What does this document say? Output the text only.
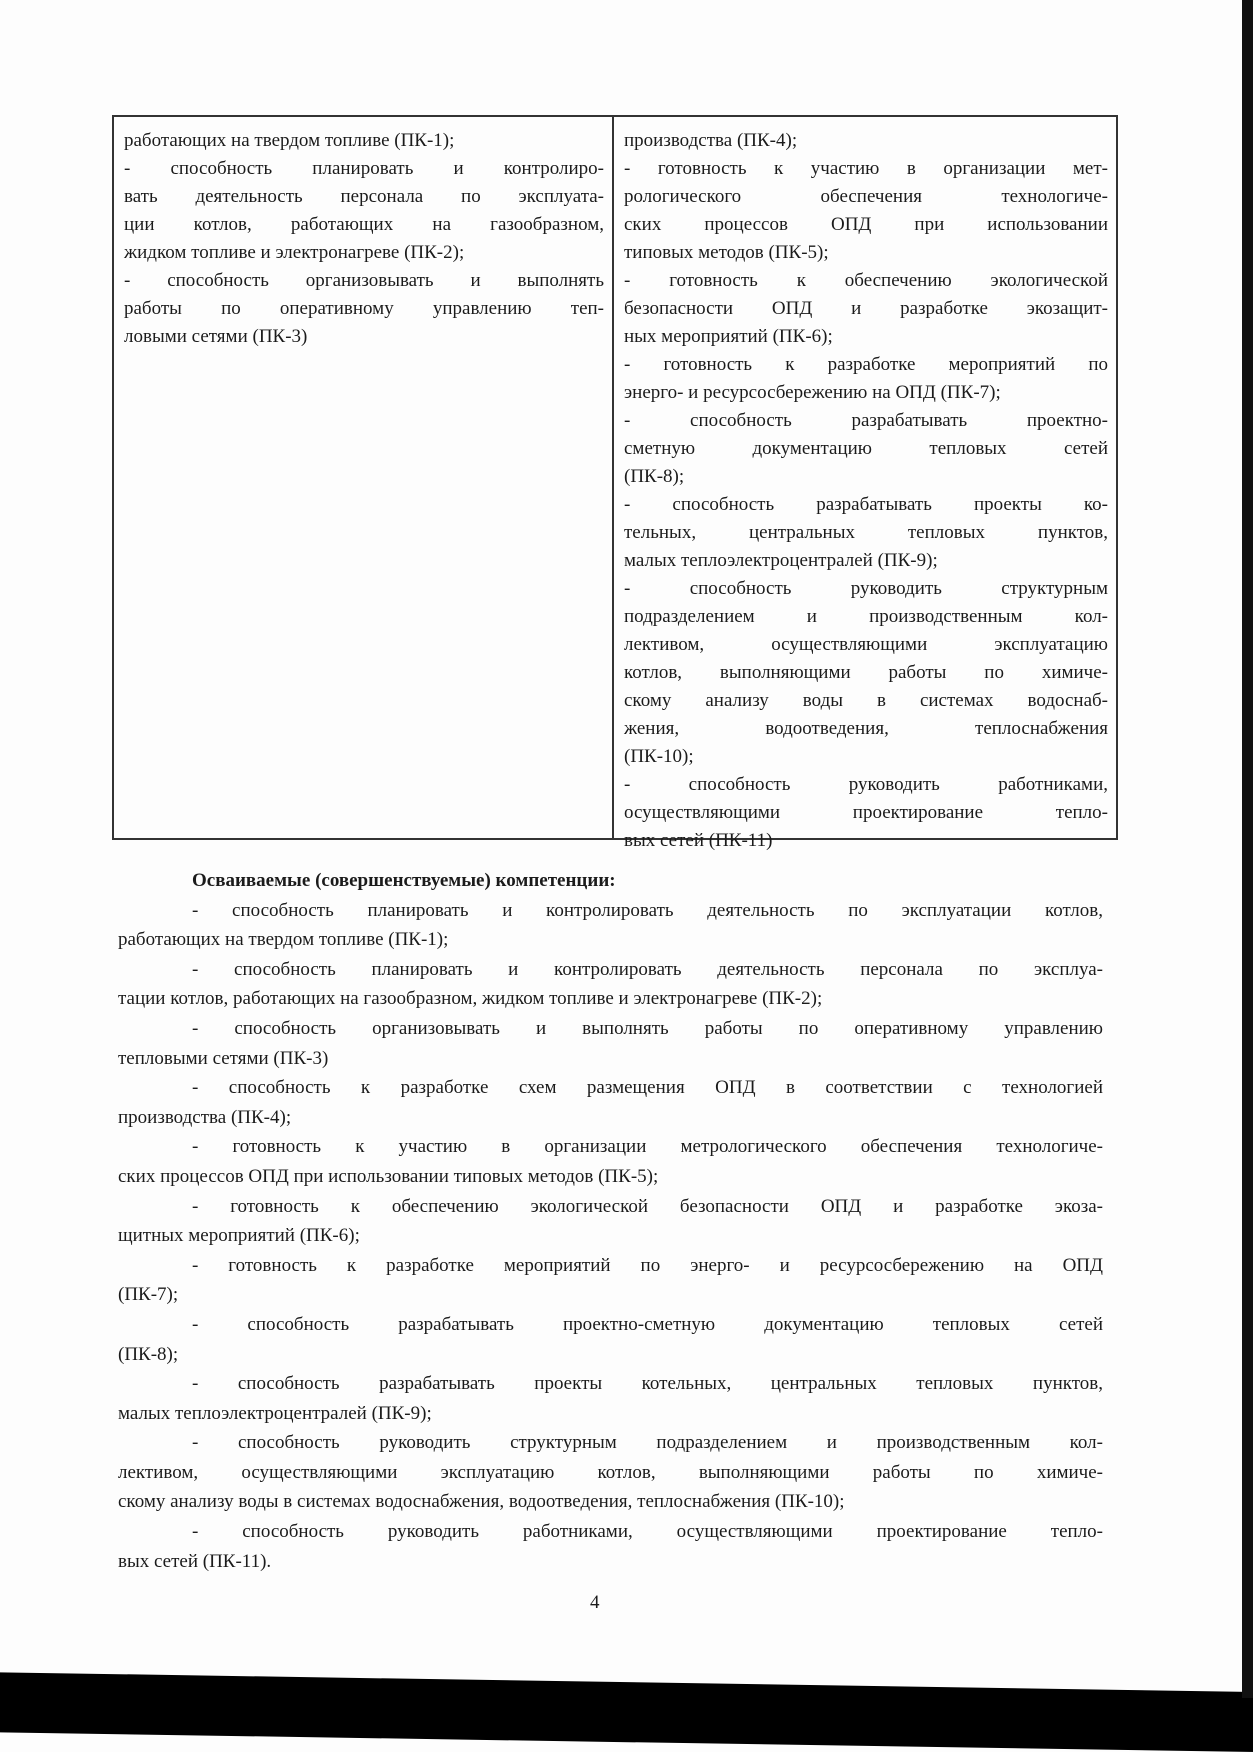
работающих на твердом топливе (ПК-1);
- способность планировать и контролиро-
вать деятельность персонала по эксплуата-
ции котлов, работающих на газообразном,
жидком топливе и электронагреве (ПК-2);
- способность организовывать и выполнять
работы по оперативному управлению теп-
ловыми сетями (ПК-3)
производства (ПК-4);
- готовность к участию в организации мет-
рологического обеспечения технологиче-
ских процессов ОПД при использовании
типовых методов (ПК-5);
- готовность к обеспечению экологической
безопасности ОПД и разработке экозащит-
ных мероприятий (ПК-6);
- готовность к разработке мероприятий по
энерго- и ресурсосбережению на ОПД (ПК-7);
- способность разрабатывать проектно-
сметную документацию тепловых сетей
(ПК-8);
- способность разрабатывать проекты ко-
тельных, центральных тепловых пунктов,
малых теплоэлектроцентралей (ПК-9);
- способность руководить структурным
подразделением и производственным кол-
лективом, осуществляющими эксплуатацию
котлов, выполняющими работы по химиче-
скому анализу воды в системах водоснаб-
жения, водоотведения, теплоснабжения
(ПК-10);
- способность руководить работниками,
осуществляющими проектирование тепло-
вых сетей (ПК-11)
Осваиваемые (совершенствуемые) компетенции:
- способность планировать и контролировать деятельность по эксплуатации котлов,
работающих на твердом топливе (ПК-1);
- способность планировать и контролировать деятельность персонала по эксплуа-
тации котлов, работающих на газообразном, жидком топливе и электронагреве (ПК-2);
- способность организовывать и выполнять работы по оперативному управлению
тепловыми сетями (ПК-3)
- способность к разработке схем размещения ОПД в соответствии с технологией
производства (ПК-4);
- готовность к участию в организации метрологического обеспечения технологиче-
ских процессов ОПД при использовании типовых методов (ПК-5);
- готовность к обеспечению экологической безопасности ОПД и разработке экоза-
щитных мероприятий (ПК-6);
- готовность к разработке мероприятий по энерго- и ресурсосбережению на ОПД
(ПК-7);
- способность разрабатывать проектно-сметную документацию тепловых сетей
(ПК-8);
- способность разрабатывать проекты котельных, центральных тепловых пунктов,
малых теплоэлектроцентралей (ПК-9);
- способность руководить структурным подразделением и производственным кол-
лективом, осуществляющими эксплуатацию котлов, выполняющими работы по химиче-
скому анализу воды в системах водоснабжения, водоотведения, теплоснабжения (ПК-10);
- способность руководить работниками, осуществляющими проектирование тепло-
вых сетей (ПК-11).
4
